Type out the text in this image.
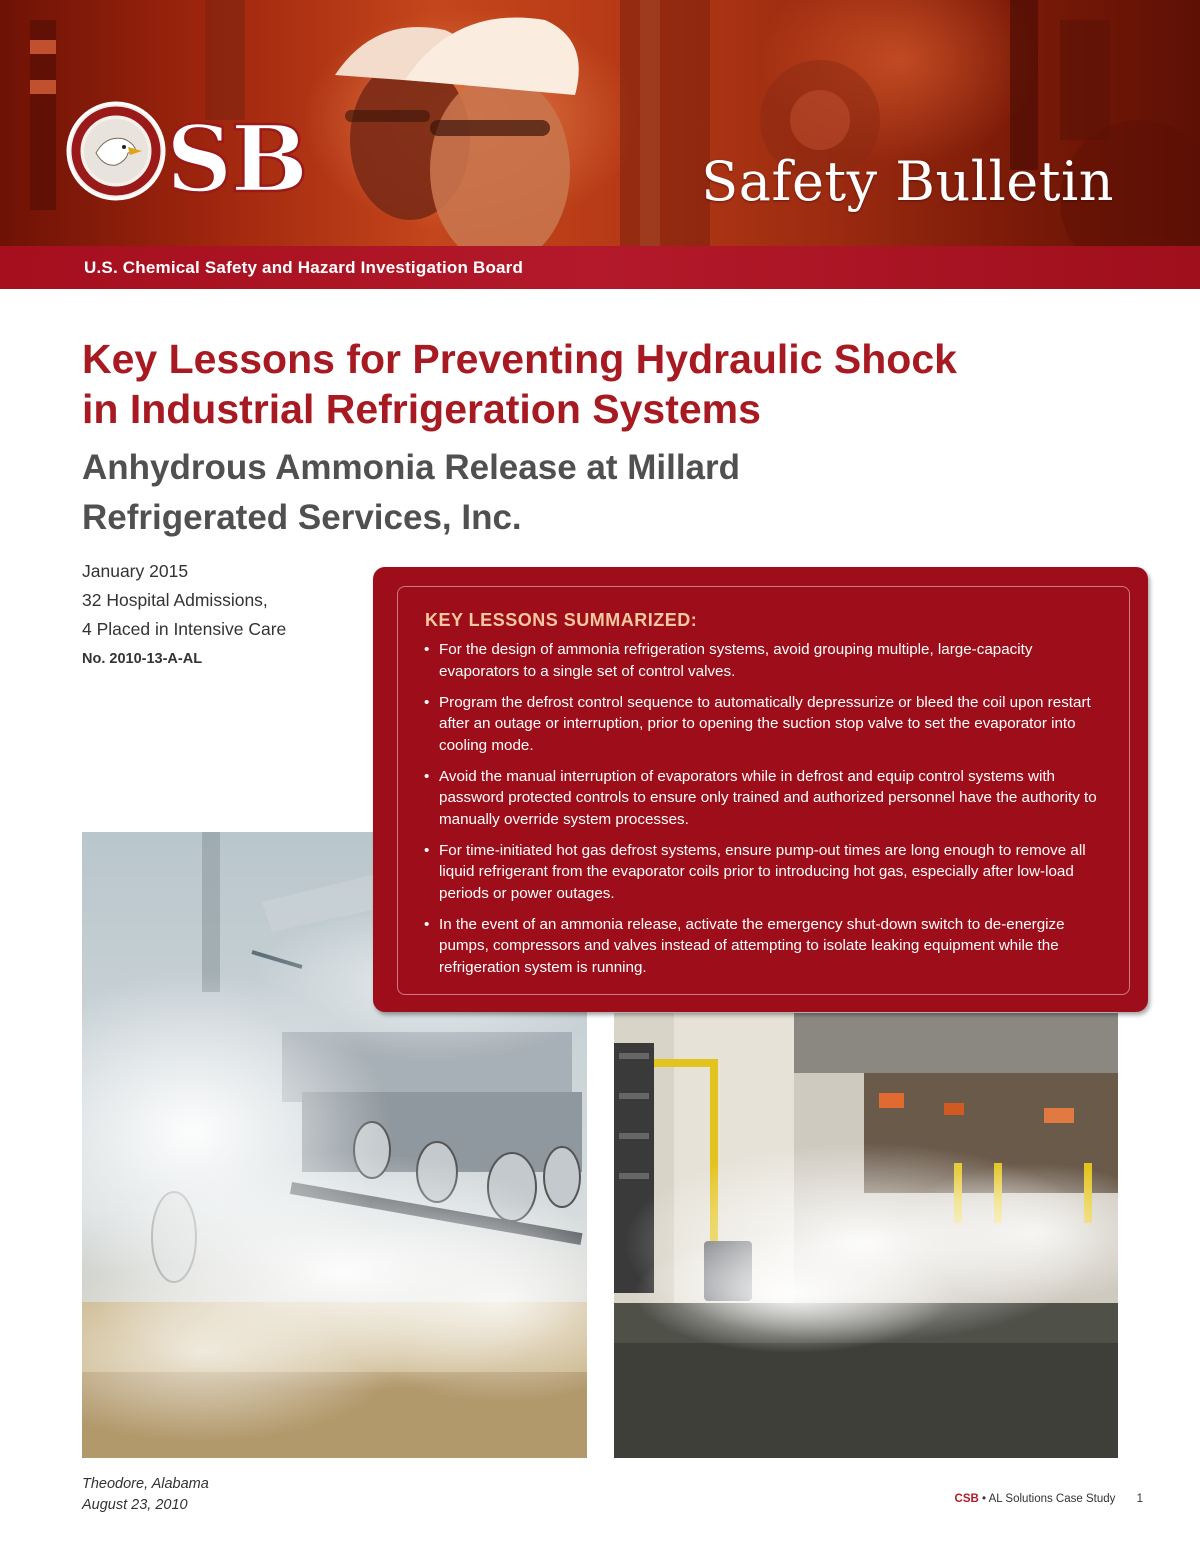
SB	Safety Bulletin
U.S. Chemical Safety and Hazard Investigation Board
Key Lessons for Preventing Hydraulic Shock
in Industrial Refrigeration Systems
Anhydrous Ammonia Release at Millard
Refrigerated Services, Inc.
January 2015
32 Hospital Admissions,
4 Placed in Intensive Care
No. 2010-13-A-AL
KEY LESSONS SUMMARIZED:
• For the design of ammonia refrigeration systems, avoid grouping multiple, large-capacity evaporators to a single set of control valves.
• Program the defrost control sequence to automatically depressurize or bleed the coil upon restart after an outage or interruption, prior to opening the suction stop valve to set the evaporator into cooling mode.
• Avoid the manual interruption of evaporators while in defrost and equip control systems with password protected controls to ensure only trained and authorized personnel have the authority to manually override system processes.
• For time-initiated hot gas defrost systems, ensure pump-out times are long enough to remove all liquid refrigerant from the evaporator coils prior to introducing hot gas, especially after low-load periods or power outages.
• In the event of an ammonia release, activate the emergency shut-down switch to de-energize pumps, compressors and valves instead of attempting to isolate leaking equipment while the refrigeration system is running.
Theodore, Alabama
August 23, 2010	CSB • AL Solutions Case Study 1
